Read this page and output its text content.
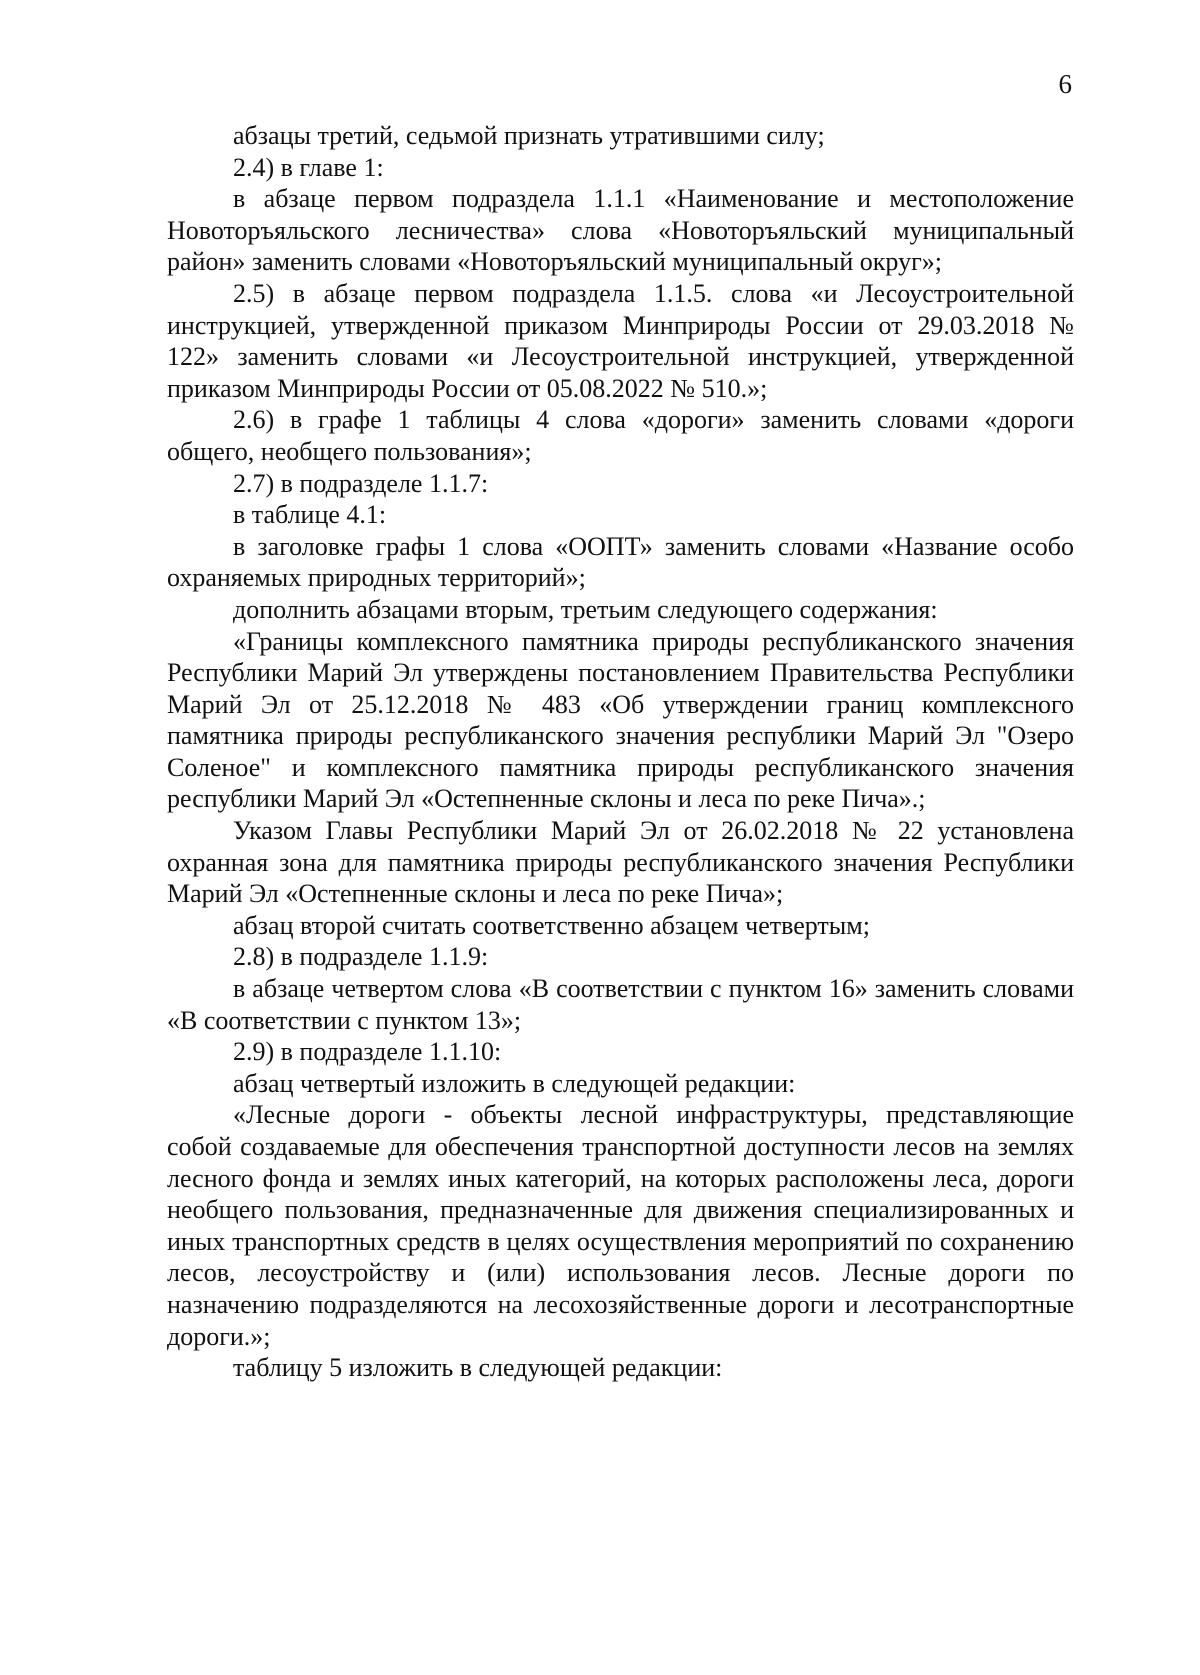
6

абзацы третий, седьмой признать утратившими силу;

2.4) в главе 1:

в абзаце первом подраздела 1.1.1 «Наименование и местоположение Новоторъяльского лесничества» слова «Новоторъяльский муниципальный район» заменить словами «Новоторъяльский муниципальный округ»;

2.5) в абзаце первом подраздела 1.1.5. слова «и Лесоустроительной инструкцией, утвержденной приказом Минприроды России от 29.03.2018 № 122» заменить словами «и Лесоустроительной инструкцией, утвержденной приказом Минприроды России от 05.08.2022 № 510.»;

2.6) в графе 1 таблицы 4 слова «дороги» заменить словами «дороги общего, необщего пользования»;

2.7) в подразделе 1.1.7:

в таблице 4.1:

в заголовке графы 1 слова «ООПТ» заменить словами «Название особо охраняемых природных территорий»;

дополнить абзацами вторым, третьим следующего содержания:

«Границы комплексного памятника природы республиканского значения Республики Марий Эл утверждены постановлением Правительства Республики Марий Эл от 25.12.2018 № 483 «Об утверждении границ комплексного памятника природы республиканского значения республики Марий Эл "Озеро Соленое" и комплексного памятника природы республиканского значения республики Марий Эл «Остепненные склоны и леса по реке Пича».;

Указом Главы Республики Марий Эл от 26.02.2018 № 22 установлена охранная зона для памятника природы республиканского значения Республики Марий Эл «Остепненные склоны и леса по реке Пича»;

абзац второй считать соответственно абзацем четвертым;

2.8) в подразделе 1.1.9:

в абзаце четвертом слова «В соответствии с пунктом 16» заменить словами «В соответствии с пунктом 13»;

2.9) в подразделе 1.1.10:

абзац четвертый изложить в следующей редакции:

«Лесные дороги - объекты лесной инфраструктуры, представляющие собой создаваемые для обеспечения транспортной доступности лесов на землях лесного фонда и землях иных категорий, на которых расположены леса, дороги необщего пользования, предназначенные для движения специализированных и иных транспортных средств в целях осуществления мероприятий по сохранению лесов, лесоустройству и (или) использования лесов. Лесные дороги по назначению подразделяются на лесохозяйственные дороги и лесотранспортные дороги.»;

таблицу 5 изложить в следующей редакции:
